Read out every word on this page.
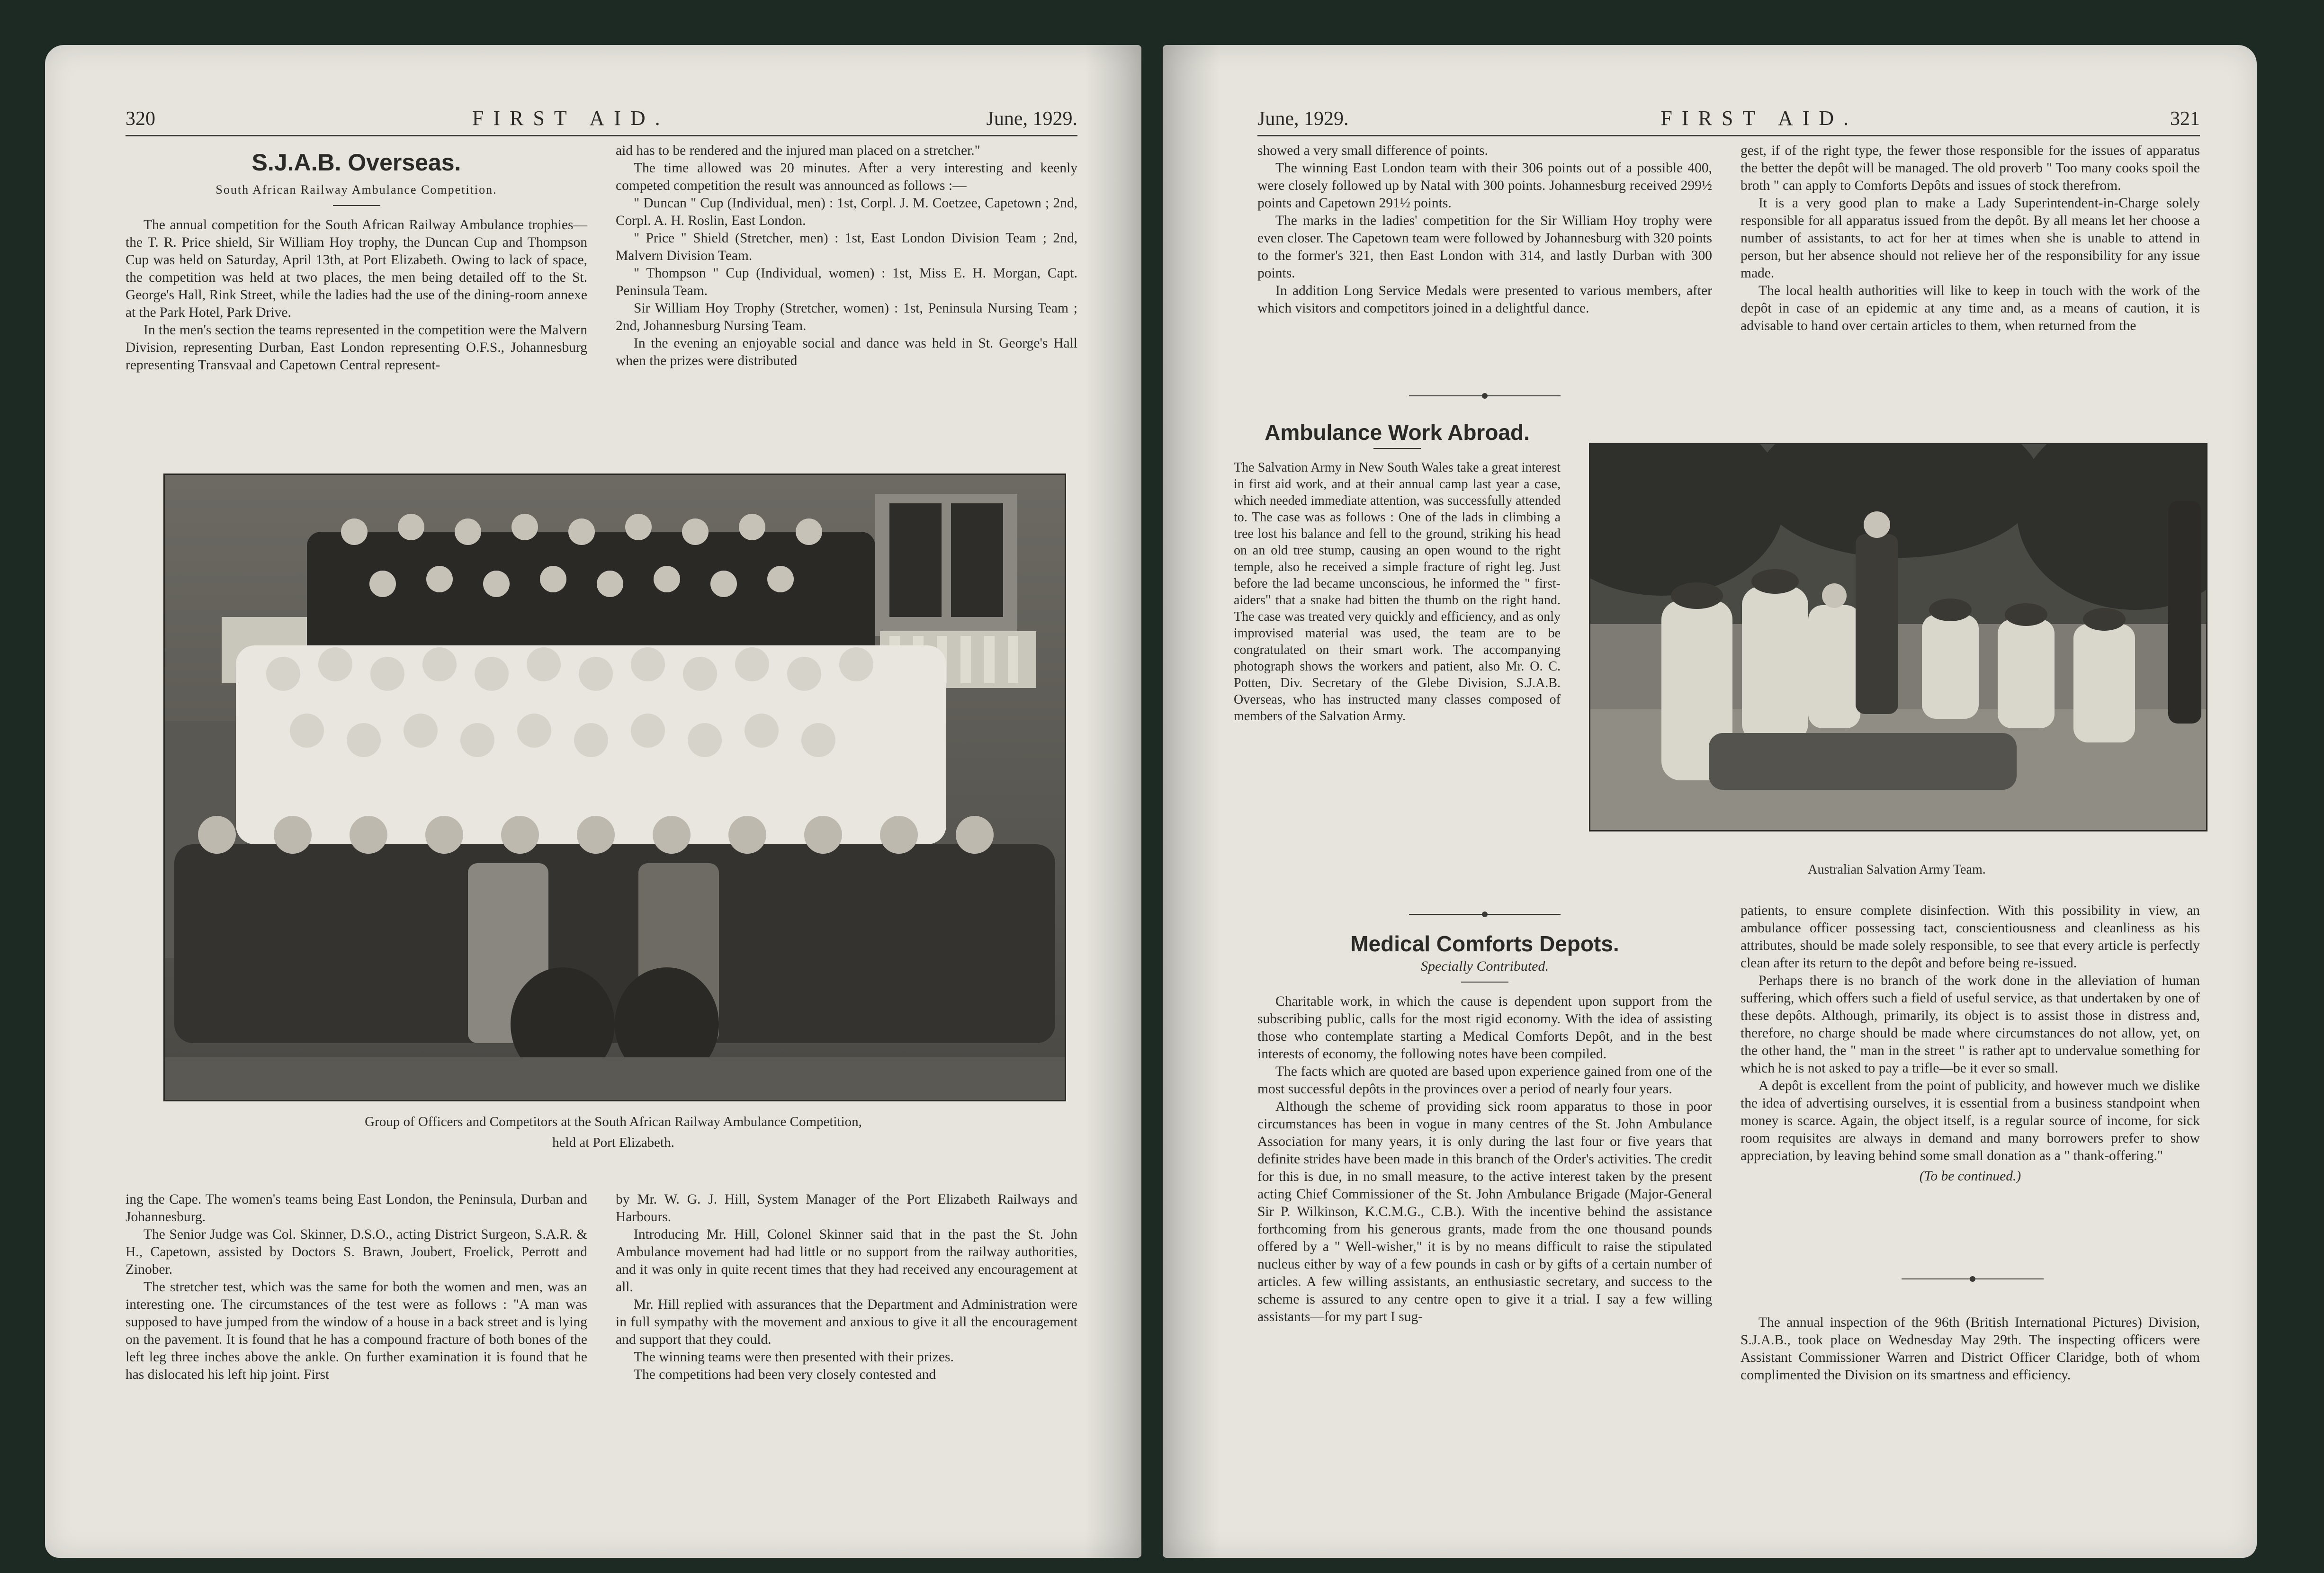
320	FIRST AID.	June, 1929.
S.J.A.B. Overseas.
South African Railway Ambulance Competition.

The annual competition for the South African Railway Ambulance trophies—the T. R. Price shield, Sir William Hoy trophy, the Duncan Cup and Thompson Cup was held on Saturday, April 13th, at Port Elizabeth. Owing to lack of space, the competition was held at two places, the men being detailed off to the St. George's Hall, Rink Street, while the ladies had the use of the dining-room annexe at the Park Hotel, Park Drive.

In the men's section the teams represented in the competition were the Malvern Division, representing Durban, East London representing O.F.S., Johannesburg representing Transvaal and Capetown Central represent-

aid has to be rendered and the injured man placed on a stretcher."

The time allowed was 20 minutes. After a very interesting and keenly competed competition the result was announced as follows :—

" Duncan " Cup (Individual, men) : 1st, Corpl. J. M. Coetzee, Capetown ; 2nd, Corpl. A. H. Roslin, East London.

" Price " Shield (Stretcher, men) : 1st, East London Division Team ; 2nd, Malvern Division Team.

" Thompson " Cup (Individual, women) : 1st, Miss E. H. Morgan, Capt. Peninsula Team.

Sir William Hoy Trophy (Stretcher, women) : 1st, Peninsula Nursing Team ; 2nd, Johannesburg Nursing Team.

In the evening an enjoyable social and dance was held in St. George's Hall when the prizes were distributed

Group of Officers and Competitors at the South African Railway Ambulance Competition,
held at Port Elizabeth.

ing the Cape. The women's teams being East London, the Peninsula, Durban and Johannesburg.

The Senior Judge was Col. Skinner, D.S.O., acting District Surgeon, S.A.R. & H., Capetown, assisted by Doctors S. Brawn, Joubert, Froelick, Perrott and Zinober.

The stretcher test, which was the same for both the women and men, was an interesting one. The circumstances of the test were as follows : "A man was supposed to have jumped from the window of a house in a back street and is lying on the pavement. It is found that he has a compound fracture of both bones of the left leg three inches above the ankle. On further examination it is found that he has dislocated his left hip joint. First

by Mr. W. G. J. Hill, System Manager of the Port Elizabeth Railways and Harbours.

Introducing Mr. Hill, Colonel Skinner said that in the past the St. John Ambulance movement had had little or no support from the railway authorities, and it was only in quite recent times that they had received any encouragement at all.

Mr. Hill replied with assurances that the Department and Administration were in full sympathy with the movement and anxious to give it all the encouragement and support that they could.

The winning teams were then presented with their prizes.

The competitions had been very closely contested and

June, 1929.	FIRST AID.	321

showed a very small difference of points.

The winning East London team with their 306 points out of a possible 400, were closely followed up by Natal with 300 points. Johannesburg received 299½ points and Capetown 291½ points.

The marks in the ladies' competition for the Sir William Hoy trophy were even closer. The Capetown team were followed by Johannesburg with 320 points to the former's 321, then East London with 314, and lastly Durban with 300 points.

In addition Long Service Medals were presented to various members, after which visitors and competitors joined in a delightful dance.

gest, if of the right type, the fewer those responsible for the issues of apparatus the better the depôt will be managed. The old proverb " Too many cooks spoil the broth " can apply to Comforts Depôts and issues of stock therefrom.

It is a very good plan to make a Lady Superintendent-in-Charge solely responsible for all apparatus issued from the depôt. By all means let her choose a number of assistants, to act for her at times when she is unable to attend in person, but her absence should not relieve her of the responsibility for any issue made.

The local health authorities will like to keep in touch with the work of the depôt in case of an epidemic at any time and, as a means of caution, it is advisable to hand over certain articles to them, when returned from the

Ambulance Work Abroad.

The Salvation Army in New South Wales take a great interest in first aid work, and at their annual camp last year a case, which needed immediate attention, was successfully attended to. The case was as follows : One of the lads in climbing a tree lost his balance and fell to the ground, striking his head on an old tree stump, causing an open wound to the right temple, also he received a simple fracture of right leg. Just before the lad became unconscious, he informed the " first-aiders" that a snake had bitten the thumb on the right hand. The case was treated very quickly and efficiency, and as only improvised material was used, the team are to be congratulated on their smart work. The accompanying photograph shows the workers and patient, also Mr. O. C. Potten, Div. Secretary of the Glebe Division, S.J.A.B. Overseas, who has instructed many classes composed of members of the Salvation Army.

Australian Salvation Army Team.
Medical Comforts Depots.
Specially Contributed.

Charitable work, in which the cause is dependent upon support from the subscribing public, calls for the most rigid economy. With the idea of assisting those who contemplate starting a Medical Comforts Depôt, and in the best interests of economy, the following notes have been compiled.

The facts which are quoted are based upon experience gained from one of the most successful depôts in the provinces over a period of nearly four years.

Although the scheme of providing sick room apparatus to those in poor circumstances has been in vogue in many centres of the St. John Ambulance Association for many years, it is only during the last four or five years that definite strides have been made in this branch of the Order's activities. The credit for this is due, in no small measure, to the active interest taken by the present acting Chief Commissioner of the St. John Ambulance Brigade (Major-General Sir P. Wilkinson, K.C.M.G., C.B.). With the incentive behind the assistance forthcoming from his generous grants, made from the one thousand pounds offered by a " Well-wisher," it is by no means difficult to raise the stipulated nucleus either by way of a few pounds in cash or by gifts of a certain number of articles. A few willing assistants, an enthusiastic secretary, and success to the scheme is assured to any centre open to give it a trial. I say a few willing assistants—for my part I sug-

patients, to ensure complete disinfection. With this possibility in view, an ambulance officer possessing tact, conscientiousness and cleanliness as his attributes, should be made solely responsible, to see that every article is perfectly clean after its return to the depôt and before being re-issued.

Perhaps there is no branch of the work done in the alleviation of human suffering, which offers such a field of useful service, as that undertaken by one of these depôts. Although, primarily, its object is to assist those in distress and, therefore, no charge should be made where circumstances do not allow, yet, on the other hand, the " man in the street " is rather apt to undervalue something for which he is not asked to pay a trifle—be it ever so small.

A depôt is excellent from the point of publicity, and however much we dislike the idea of advertising ourselves, it is essential from a business standpoint when money is scarce. Again, the object itself, is a regular source of income, for sick room requisites are always in demand and many borrowers prefer to show appreciation, by leaving behind some small donation as a " thank-offering."

(To be continued.)

The annual inspection of the 96th (British International Pictures) Division, S.J.A.B., took place on Wednesday May 29th. The inspecting officers were Assistant Commissioner Warren and District Officer Claridge, both of whom complimented the Division on its smartness and efficiency.
